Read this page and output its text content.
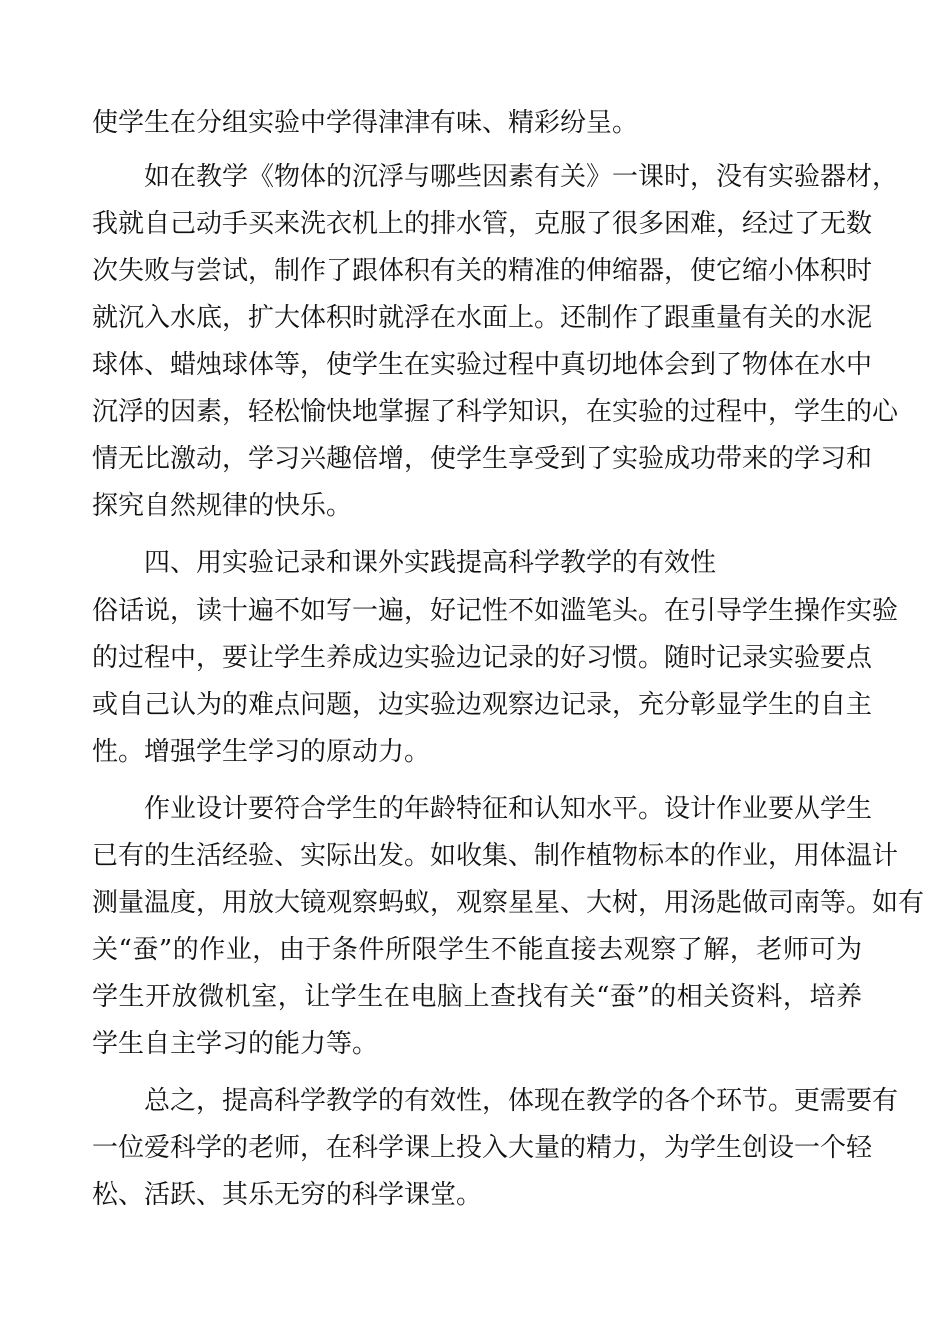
使学生在分组实验中学得津津有味、精彩纷呈。
如在教学《物体的沉浮与哪些因素有关》一课时，没有实验器材，
我就自己动手买来洗衣机上的排水管，克服了很多困难，经过了无数
次失败与尝试，制作了跟体积有关的精准的伸缩器，使它缩小体积时
就沉入水底，扩大体积时就浮在水面上。还制作了跟重量有关的水泥
球体、蜡烛球体等，使学生在实验过程中真切地体会到了物体在水中
沉浮的因素，轻松愉快地掌握了科学知识，在实验的过程中，学生的心
情无比激动，学习兴趣倍增，使学生享受到了实验成功带来的学习和
探究自然规律的快乐。
四、用实验记录和课外实践提高科学教学的有效性
俗话说，读十遍不如写一遍，好记性不如滥笔头。在引导学生操作实验
的过程中，要让学生养成边实验边记录的好习惯。随时记录实验要点
或自己认为的难点问题，边实验边观察边记录，充分彰显学生的自主
性。增强学生学习的原动力。
作业设计要符合学生的年龄特征和认知水平。设计作业要从学生
已有的生活经验、实际出发。如收集、制作植物标本的作业，用体温计
测量温度，用放大镜观察蚂蚁，观察星星、大树，用汤匙做司南等。如有
关“蚕”的作业，由于条件所限学生不能直接去观察了解，老师可为
学生开放微机室，让学生在电脑上查找有关“蚕”的相关资料，培养
学生自主学习的能力等。
总之，提高科学教学的有效性，体现在教学的各个环节。更需要有
一位爱科学的老师，在科学课上投入大量的精力，为学生创设一个轻
松、活跃、其乐无穷的科学课堂。
